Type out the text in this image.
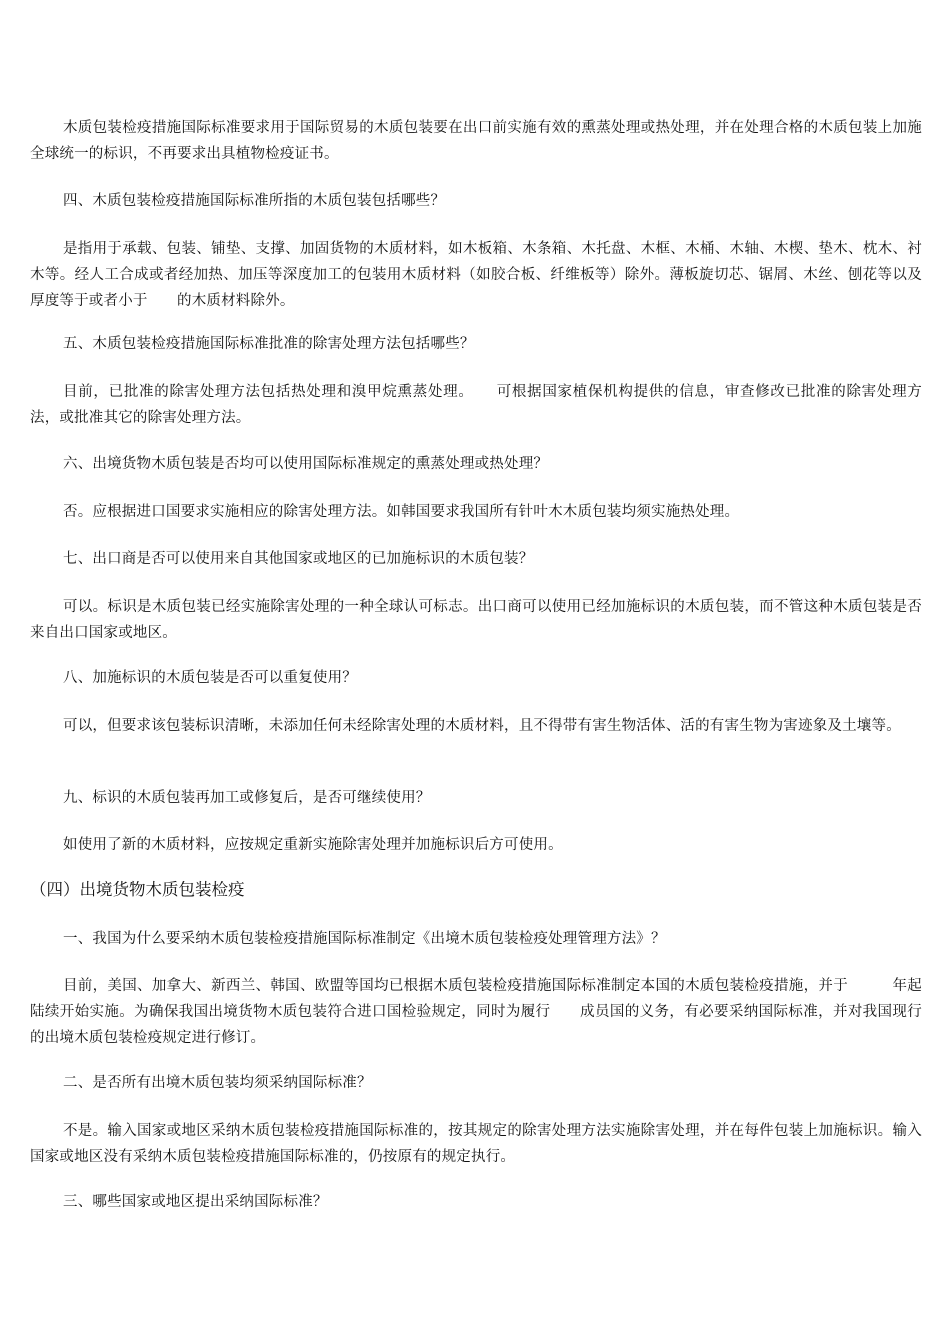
木质包装检疫措施国际标准要求用于国际贸易的木质包装要在出口前实施有效的熏蒸处理或热处理，并在处理合格的木质包装上加施全球统一的标识，不再要求出具植物检疫证书。

四、木质包装检疫措施国际标准所指的木质包装包括哪些？

是指用于承载、包装、铺垫、支撑、加固货物的木质材料，如木板箱、木条箱、木托盘、木框、木桶、木轴、木楔、垫木、枕木、衬木等。经人工合成或者经加热、加压等深度加工的包装用木质材料（如胶合板、纤维板等）除外。薄板旋切芯、锯屑、木丝、刨花等以及厚度等于或者小于　　的木质材料除外。

五、木质包装检疫措施国际标准批准的除害处理方法包括哪些？

目前，已批准的除害处理方法包括热处理和溴甲烷熏蒸处理。　　可根据国家植保机构提供的信息，审查修改已批准的除害处理方法，或批准其它的除害处理方法。

六、出境货物木质包装是否均可以使用国际标准规定的熏蒸处理或热处理？

否。应根据进口国要求实施相应的除害处理方法。如韩国要求我国所有针叶木木质包装均须实施热处理。

七、出口商是否可以使用来自其他国家或地区的已加施标识的木质包装？

可以。标识是木质包装已经实施除害处理的一种全球认可标志。出口商可以使用已经加施标识的木质包装，而不管这种木质包装是否来自出口国家或地区。

八、加施标识的木质包装是否可以重复使用？

可以，但要求该包装标识清晰，未添加任何未经除害处理的木质材料，且不得带有害生物活体、活的有害生物为害迹象及土壤等。

九、标识的木质包装再加工或修复后，是否可继续使用？

如使用了新的木质材料，应按规定重新实施除害处理并加施标识后方可使用。

（四）出境货物木质包装检疫

一、我国为什么要采纳木质包装检疫措施国际标准制定《出境木质包装检疫处理管理方法》？

目前，美国、加拿大、新西兰、韩国、欧盟等国均已根据木质包装检疫措施国际标准制定本国的木质包装检疫措施，并于　　　年起陆续开始实施。为确保我国出境货物木质包装符合进口国检验规定，同时为履行　　成员国的义务，有必要采纳国际标准，并对我国现行的出境木质包装检疫规定进行修订。

二、是否所有出境木质包装均须采纳国际标准？

不是。输入国家或地区采纳木质包装检疫措施国际标准的，按其规定的除害处理方法实施除害处理，并在每件包装上加施标识。输入国家或地区没有采纳木质包装检疫措施国际标准的，仍按原有的规定执行。

三、哪些国家或地区提出采纳国际标准？
